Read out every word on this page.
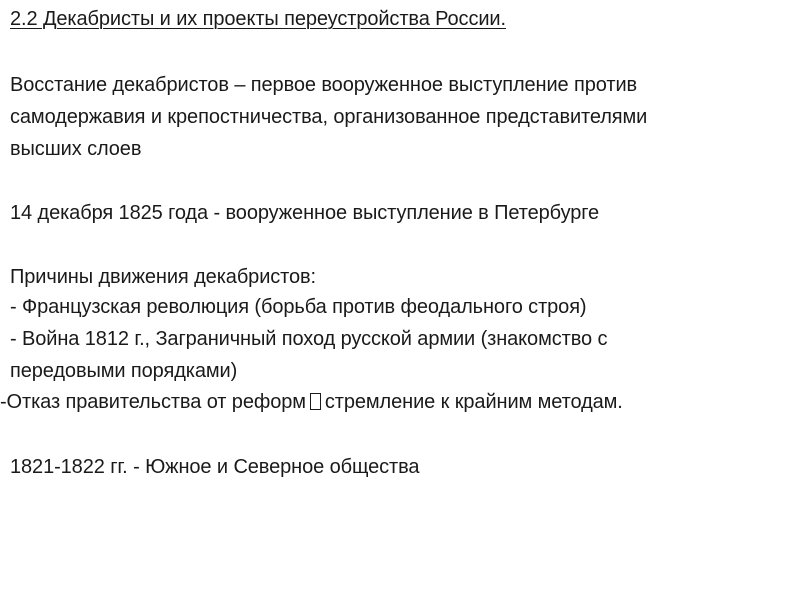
2.2 Декабристы и их проекты переустройства России.
Восстание декабристов – первое вооруженное выступление против
самодержавия и крепостничества, организованное представителями
высших слоев
14 декабря 1825 года - вооруженное выступление в Петербурге
Причины движения декабристов:
- Французская революция (борьба против феодального строя)
- Война 1812 г., Заграничный поход русской армии (знакомство с
передовыми порядками)
-Отказ правительства от реформ стремление к крайним методам.
1821-1822 гг. - Южное и Северное общества
